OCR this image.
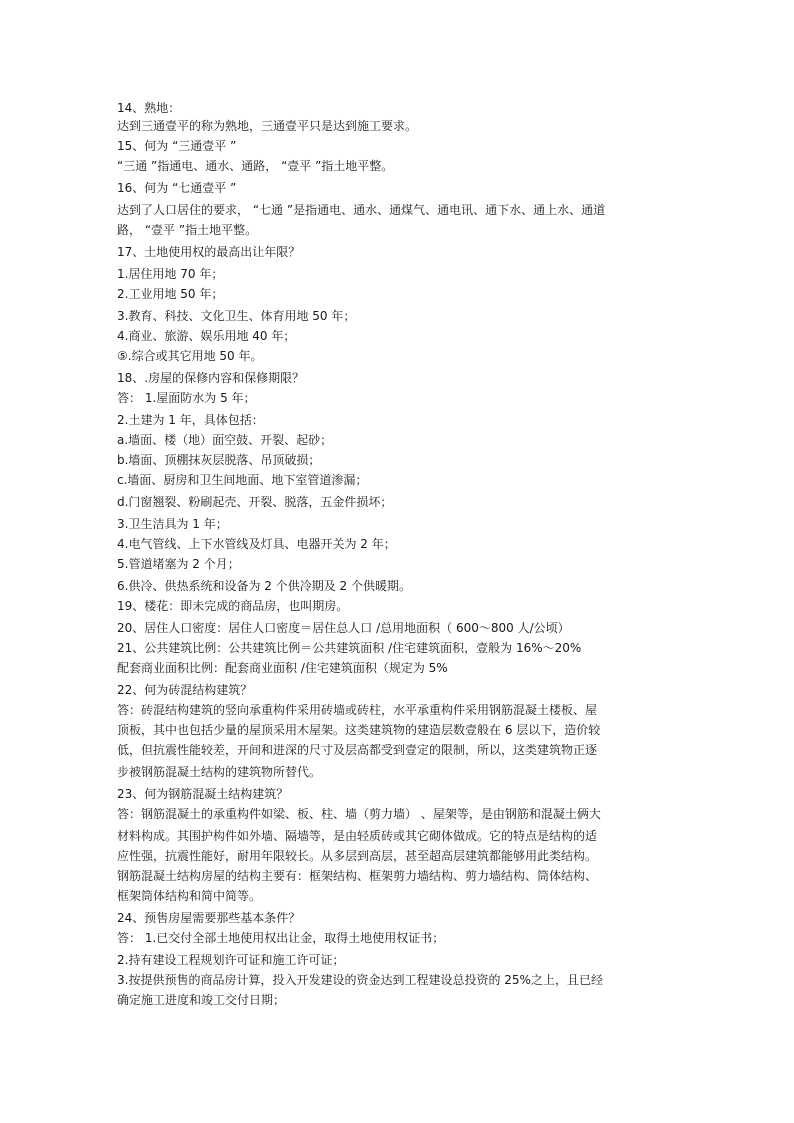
14、熟地：
达到三通壹平的称为熟地，三通壹平只是达到施工要求。
15、何为 “三通壹平 ”
“三通 ”指通电、通水、通路， “壹平 ”指土地平整。
16、何为 “七通壹平 ”
达到了人口居住的要求， “七通 ”是指通电、通水、通煤气、通电讯、通下水、通上水、通道
路， “壹平 ”指土地平整。
17、土地使用权的最高出让年限？
1.居住用地 70 年；
2.工业用地 50 年；
3.教育、科技、文化卫生、体育用地 50 年；
4.商业、旅游、娱乐用地 40 年；
⑤.综合或其它用地 50 年。
18、.房屋的保修内容和保修期限？
答： 1.屋面防水为 5 年；
2.土建为 1 年，具体包括：
a.墙面、楼（地）面空鼓、开裂、起砂；
b.墙面、顶棚抹灰层脱落、吊顶破损；
c.墙面、厨房和卫生间地面、地下室管道渗漏；
d.门窗翘裂、粉刷起壳、开裂、脱落，五金件损坏；
3.卫生洁具为 1 年；
4.电气管线、上下水管线及灯具、电器开关为 2 年；
5.管道堵塞为 2 个月；
6.供冷、供热系统和设备为 2 个供冷期及 2 个供暖期。
19、楼花：即未完成的商品房，也叫期房。
20、居住人口密度：居住人口密度＝居住总人口 /总用地面积（ 600～800 人/公顷）
21、公共建筑比例：公共建筑比例＝公共建筑面积 /住宅建筑面积，壹般为 16%～20%
配套商业面积比例：配套商业面积 /住宅建筑面积（规定为 5%
22、何为砖混结构建筑？
答：砖混结构建筑的竖向承重构件采用砖墙或砖柱，水平承重构件采用钢筋混凝土楼板、屋
顶板，其中也包括少量的屋顶采用木屋架。这类建筑物的建造层数壹般在 6 层以下，造价较
低，但抗震性能较差，开间和进深的尺寸及层高都受到壹定的限制，所以，这类建筑物正逐
步被钢筋混凝土结构的建筑物所替代。
23、何为钢筋混凝土结构建筑？
答：钢筋混凝土的承重构件如梁、板、柱、墙（剪力墙） 、屋架等，是由钢筋和混凝土俩大
材料构成。其围护构件如外墙、隔墙等，是由轻质砖或其它砌体做成。它的特点是结构的适
应性强，抗震性能好，耐用年限较长。从多层到高层，甚至超高层建筑都能够用此类结构。
钢筋混凝土结构房屋的结构主要有：框架结构、框架剪力墙结构、剪力墙结构、筒体结构、
框架筒体结构和简中简等。
24、预售房屋需要那些基本条件？
答： 1.已交付全部土地使用权出让金，取得土地使用权证书；
2.持有建设工程规划许可证和施工许可证；
3.按提供预售的商品房计算，投入开发建设的资金达到工程建设总投资的 25%之上，且已经
确定施工进度和竣工交付日期；
